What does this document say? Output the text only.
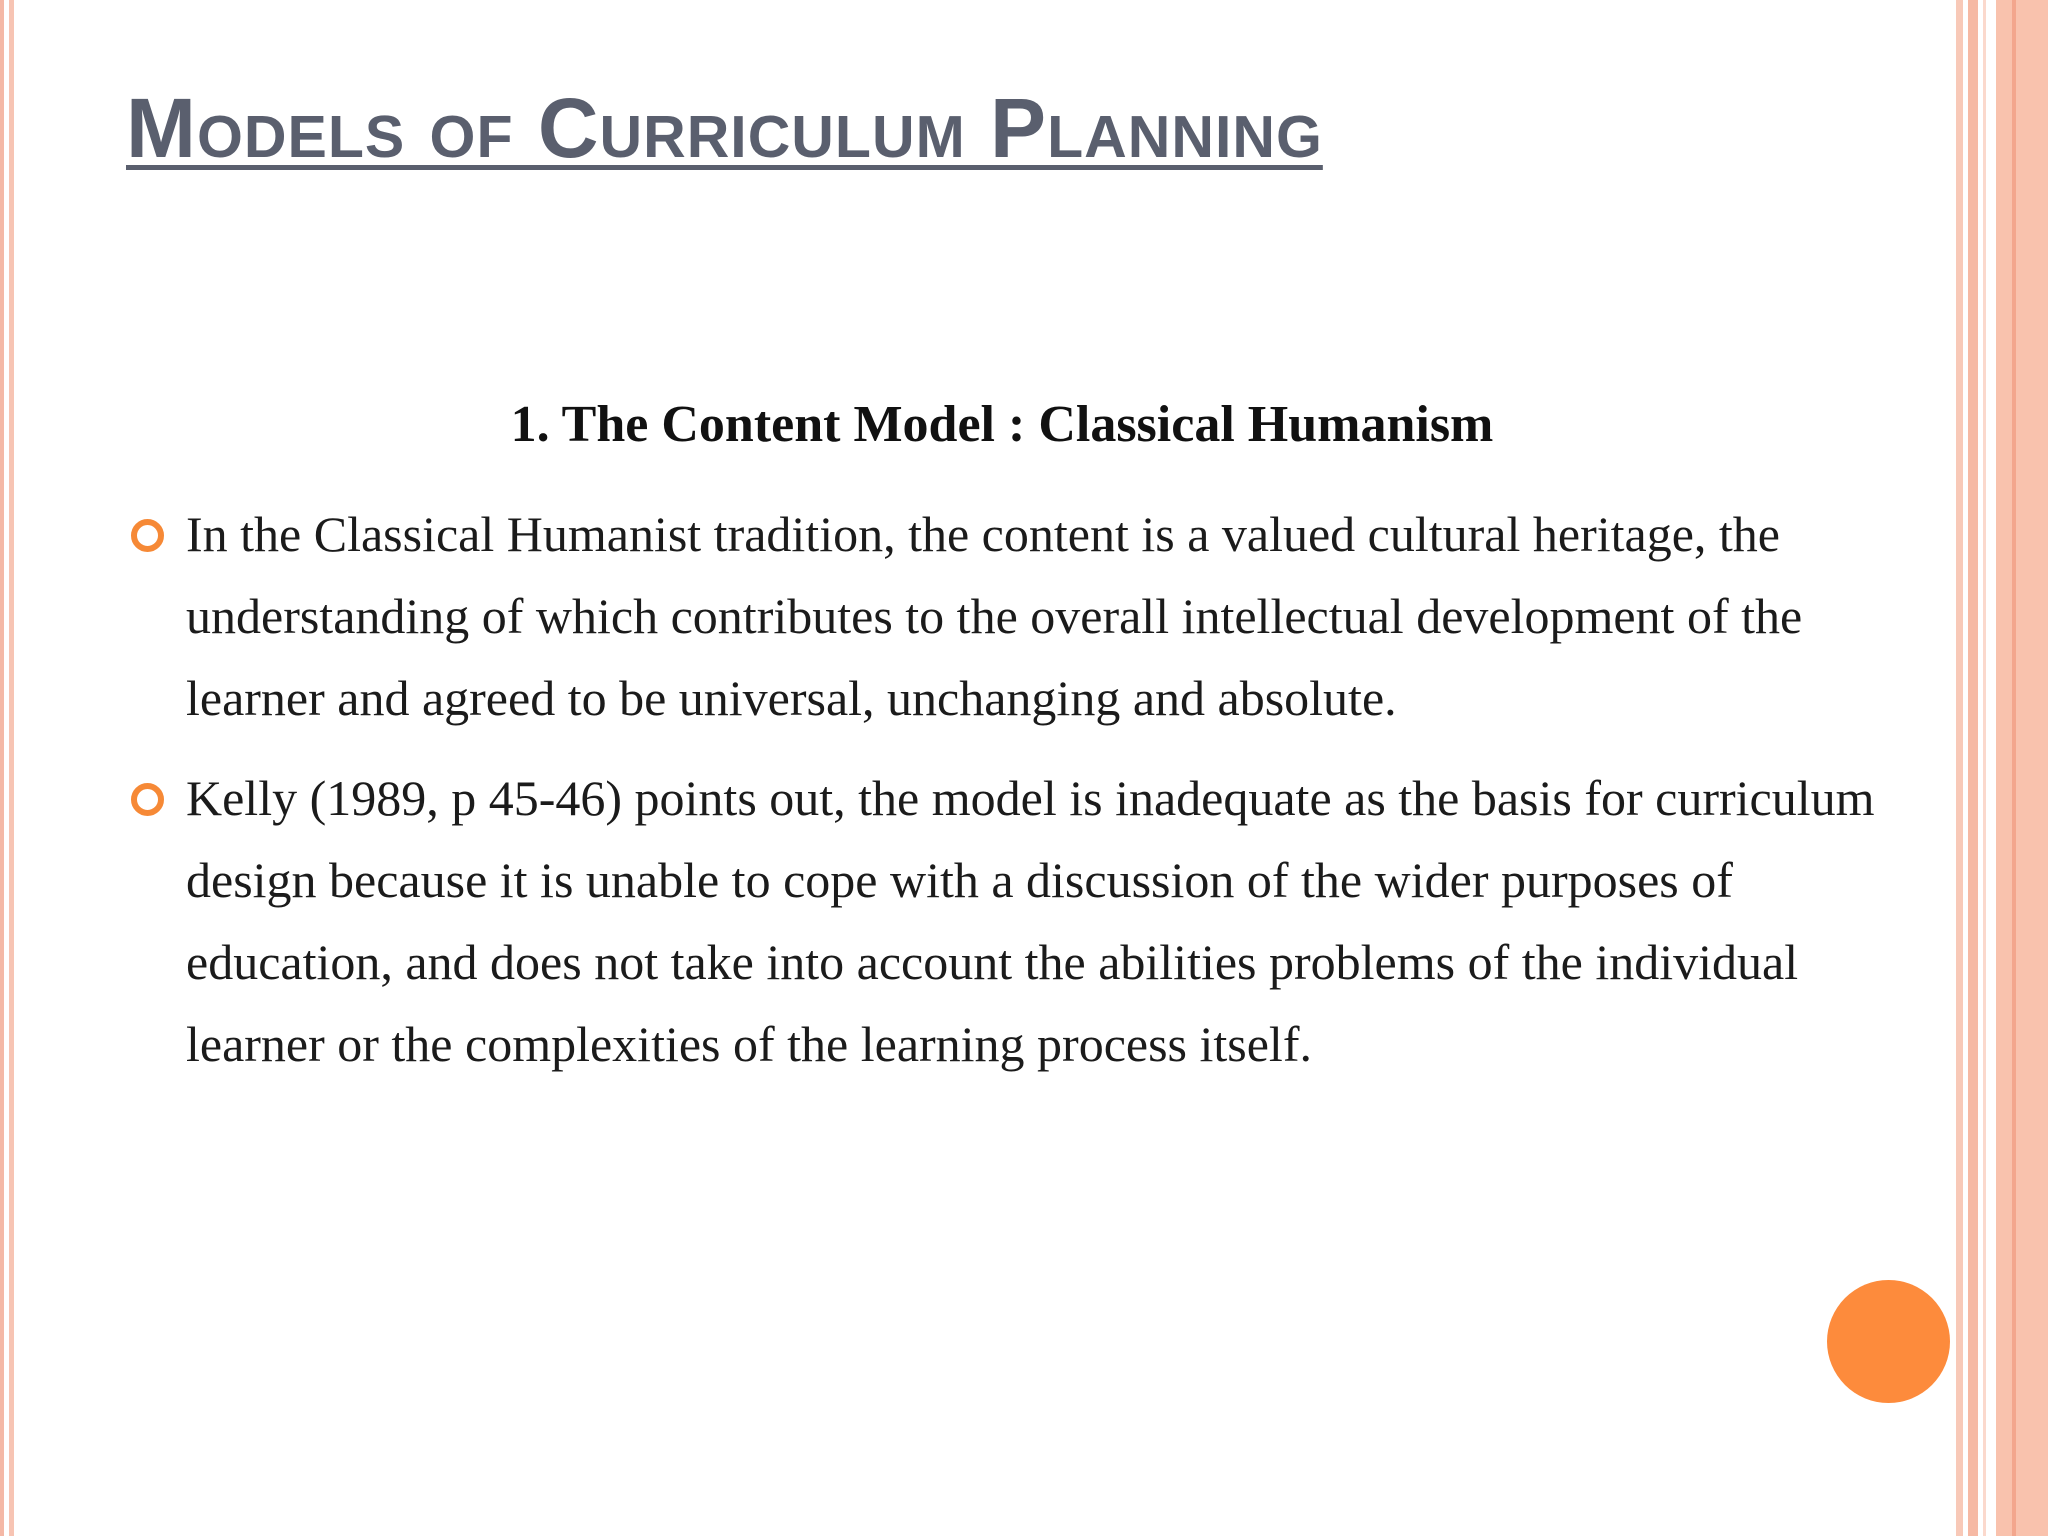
Models of Curriculum Planning
1. The Content Model : Classical Humanism
In the Classical Humanist tradition, the content is a valued cultural heritage, the understanding of which contributes to the overall intellectual development of the learner and agreed to be universal, unchanging and absolute.
Kelly (1989, p 45-46) points out, the model is inadequate as the basis for curriculum design because it is unable to cope with a discussion of the wider purposes of education, and does not take into account the abilities problems of the individual learner or the complexities of the learning process itself.
